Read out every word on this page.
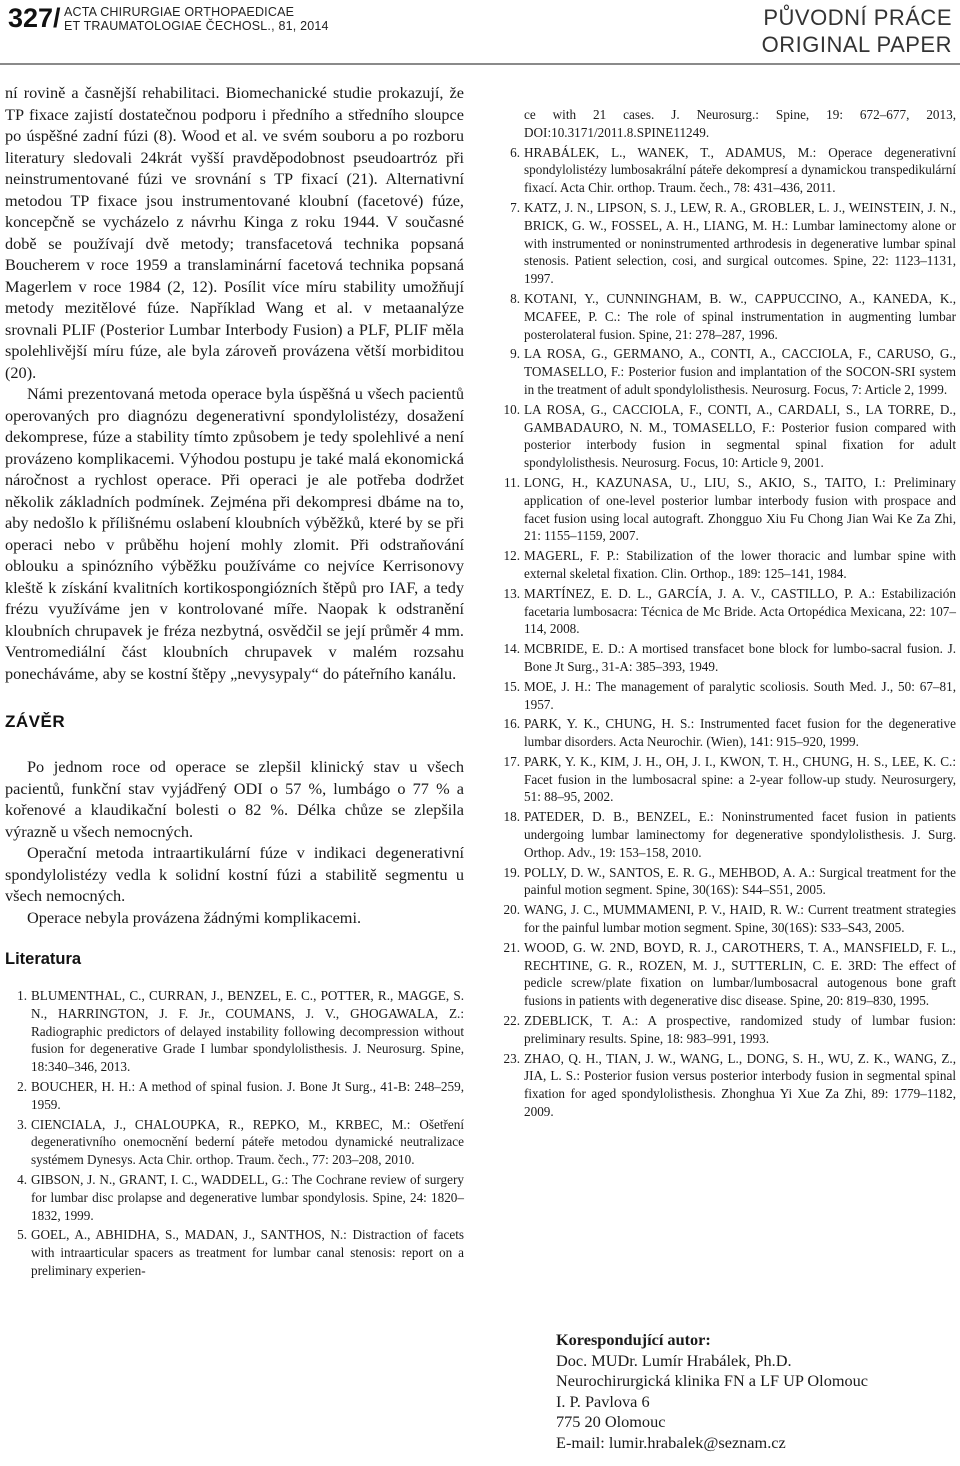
327/ ACTA CHIRURGIAE ORTHOPAEDICAE
ET TRAUMATOLOGIAE ČECHOSL., 81, 2014	PŮVODNÍ PRÁCE
ORIGINAL PAPER

ní rovině a časnější rehabilitaci. Biomechanické studie prokazují, že TP fixace zajistí dostatečnou podporu i předního a středního sloupce po úspěšné zadní fúzi (8). Wood et al. ve svém souboru a po rozboru literatury sledovali 24krát vyšší pravděpodobnost pseudoartróz při neinstrumentované fúzi ve srovnání s TP fixací (21). Alternativní metodou TP fixace jsou instrumentované kloubní (facetové) fúze, koncepčně se vycházelo z návrhu Kinga z roku 1944. V současné době se používají dvě metody; transfacetová technika popsaná Boucherem v roce 1959 a translaminární facetová technika popsaná Magerlem v roce 1984 (2, 12). Posílit více míru stability umožňují metody mezitělové fúze. Například Wang et al. v metaanalýze srovnali PLIF (Posterior Lumbar Interbody Fusion) a PLF, PLIF měla spolehlivější míru fúze, ale byla zároveň provázena větší morbiditou (20).

Námi prezentovaná metoda operace byla úspěšná u všech pacientů operovaných pro diagnózu degenerativní spondylolistézy, dosažení dekomprese, fúze a stability tímto způsobem je tedy spolehlivé a není provázeno komplikacemi. Výhodou postupu je také malá ekonomická náročnost a rychlost operace. Při operaci je ale potřeba dodržet několik základních podmínek. Zejména při dekompresi dbáme na to, aby nedošlo k přílišnému oslabení kloubních výběžků, které by se při operaci nebo v průběhu hojení mohly zlomit. Při odstraňování oblouku a spinózního výběžku používáme co nejvíce Kerrisonovy kleště k získání kvalitních kortikospongiózních štěpů pro IAF, a tedy frézu využíváme jen v kontrolované míře. Naopak k odstranění kloubních chrupavek je fréza nezbytná, osvědčil se její průměr 4 mm. Ventromediální část kloubních chrupavek v malém rozsahu ponecháváme, aby se kostní štěpy „nevysypaly“ do páteřního kanálu.

ZÁVĚR

Po jednom roce od operace se zlepšil klinický stav u všech pacientů, funkční stav vyjádřený ODI o 57 %, lumbágo o 77 % a kořenové a klaudikační bolesti o 82 %. Délka chůze se zlepšila výrazně u všech nemocných.

Operační metoda intraartikulární fúze v indikaci degenerativní spondylolistézy vedla k solidní kostní fúzi a stabilitě segmentu u všech nemocných.

Operace nebyla provázena žádnými komplikacemi.

Literatura
1. BLUMENTHAL, C., CURRAN, J., BENZEL, E. C., POTTER, R., MAGGE, S. N., HARRINGTON, J. F. Jr., COUMANS, J. V., GHOGAWALA, Z.: Radiographic predictors of delayed instability following decompression without fusion for degenerative Grade I lumbar spondylolisthesis. J. Neurosurg. Spine, 18:340–346, 2013.
2. BOUCHER, H. H.: A method of spinal fusion. J. Bone Jt Surg., 41-B: 248–259, 1959.
3. CIENCIALA, J., CHALOUPKA, R., REPKO, M., KRBEC, M.: Ošetření degenerativního onemocnění bederní páteře metodou dynamické neutralizace systémem Dynesys. Acta Chir. orthop. Traum. čech., 77: 203–208, 2010.
4. GIBSON, J. N., GRANT, I. C., WADDELL, G.: The Cochrane review of surgery for lumbar disc prolapse and degenerative lumbar spondylosis. Spine, 24: 1820–1832, 1999.
5. GOEL, A., ABHIDHA, S., MADAN, J., SANTHOS, N.: Distraction of facets with intraarticular spacers as treatment for lumbar canal stenosis: report on a preliminary experien-
ce with 21 cases. J. Neurosurg.: Spine, 19: 672–677, 2013, DOI:10.3171/2011.8.SPINE11249.
6. HRABÁLEK, L., WANEK, T., ADAMUS, M.: Operace degenerativní spondylolistézy lumbosakrální páteře dekompresí a dynamickou transpedikulární fixací. Acta Chir. orthop. Traum. čech., 78: 431–436, 2011.
7. KATZ, J. N., LIPSON, S. J., LEW, R. A., GROBLER, L. J., WEINSTEIN, J. N., BRICK, G. W., FOSSEL, A. H., LIANG, M. H.: Lumbar laminectomy alone or with instrumented or noninstrumented arthrodesis in degenerative lumbar spinal stenosis. Patient selection, cosi, and surgical outcomes. Spine, 22: 1123–1131, 1997.
8. KOTANI, Y., CUNNINGHAM, B. W., CAPPUCCINO, A., KANEDA, K., MCAFEE, P. C.: The role of spinal instrumentation in augmenting lumbar posterolateral fusion. Spine, 21: 278–287, 1996.
9. LA ROSA, G., GERMANO, A., CONTI, A., CACCIOLA, F., CARUSO, G., TOMASELLO, F.: Posterior fusion and implantation of the SOCON-SRI system in the treatment of adult spondylolisthesis. Neurosurg. Focus, 7: Article 2, 1999.
10. LA ROSA, G., CACCIOLA, F., CONTI, A., CARDALI, S., LA TORRE, D., GAMBADAURO, N. M., TOMASELLO, F.: Posterior fusion compared with posterior interbody fusion in segmental spinal fixation for adult spondylolisthesis. Neurosurg. Focus, 10: Article 9, 2001.
11. LONG, H., KAZUNASA, U., LIU, S., AKIO, S., TAITO, I.: Preliminary application of one-level posterior lumbar interbody fusion with prospace and facet fusion using local autograft. Zhongguo Xiu Fu Chong Jian Wai Ke Za Zhi, 21: 1155–1159, 2007.
12. MAGERL, F. P.: Stabilization of the lower thoracic and lumbar spine with external skeletal fixation. Clin. Orthop., 189: 125–141, 1984.
13. MARTÍNEZ, E. D. L., GARCÍA, J. A. V., CASTILLO, P. A.: Estabilización facetaria lumbosacra: Técnica de Mc Bride. Acta Ortopédica Mexicana, 22: 107–114, 2008.
14. MCBRIDE, E. D.: A mortised transfacet bone block for lumbo-sacral fusion. J. Bone Jt Surg., 31-A: 385–393, 1949.
15. MOE, J. H.: The management of paralytic scoliosis. South Med. J., 50: 67–81, 1957.
16. PARK, Y. K., CHUNG, H. S.: Instrumented facet fusion for the degenerative lumbar disorders. Acta Neurochir. (Wien), 141: 915–920, 1999.
17. PARK, Y. K., KIM, J. H., OH, J. I., KWON, T. H., CHUNG, H. S., LEE, K. C.: Facet fusion in the lumbosacral spine: a 2-year follow-up study. Neurosurgery, 51: 88–95, 2002.
18. PATEDER, D. B., BENZEL, E.: Noninstrumented facet fusion in patients undergoing lumbar laminectomy for degenerative spondylolisthesis. J. Surg. Orthop. Adv., 19: 153–158, 2010.
19. POLLY, D. W., SANTOS, E. R. G., MEHBOD, A. A.: Surgical treatment for the painful motion segment. Spine, 30(16S): S44–S51, 2005.
20. WANG, J. C., MUMMAMENI, P. V., HAID, R. W.: Current treatment strategies for the painful lumbar motion segment. Spine, 30(16S): S33–S43, 2005.
21. WOOD, G. W. 2ND, BOYD, R. J., CAROTHERS, T. A., MANSFIELD, F. L., RECHTINE, G. R., ROZEN, M. J., SUTTERLIN, C. E. 3RD: The effect of pedicle screw/plate fixation on lumbar/lumbosacral autogenous bone graft fusions in patients with degenerative disc disease. Spine, 20: 819–830, 1995.
22. ZDEBLICK, T. A.: A prospective, randomized study of lumbar fusion: preliminary results. Spine, 18: 983–991, 1993.
23. ZHAO, Q. H., TIAN, J. W., WANG, L., DONG, S. H., WU, Z. K., WANG, Z., JIA, L. S.: Posterior fusion versus posterior interbody fusion in segmental spinal fixation for aged spondylolisthesis. Zhonghua Yi Xue Za Zhi, 89: 1779–1182, 2009.
Korespondující autor:
Doc. MUDr. Lumír Hrabálek, Ph.D.
Neurochirurgická klinika FN a LF UP Olomouc
I. P. Pavlova 6
775 20 Olomouc
E-mail: lumir.hrabalek@seznam.cz
